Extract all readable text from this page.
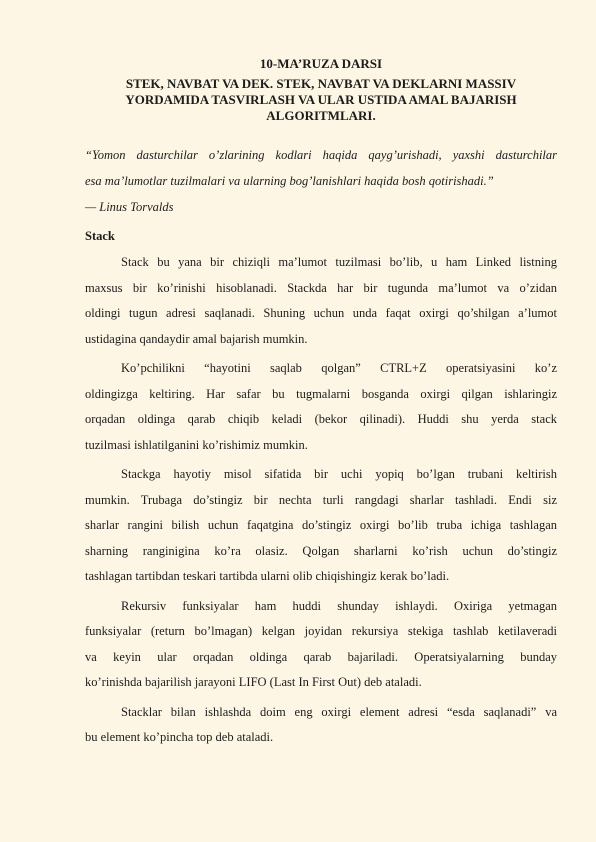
10-MA’RUZA DARSI
STEK, NAVBAT VA DEK. STEK, NAVBAT VA DEKLARNI MASSIV
YORDAMIDA TASVIRLASH VA ULAR USTIDA AMAL BAJARISH
ALGORITMLARI.
“Yomon dasturchilar o’zlarining kodlari haqida qayg’urishadi, yaxshi dasturchilar
esa ma’lumotlar tuzilmalari va ularning bog’lanishlari haqida bosh qotirishadi.”
— Linus Torvalds
Stack
Stack bu yana bir chiziqli ma’lumot tuzilmasi bo’lib, u ham Linked listning
maxsus bir ko’rinishi hisoblanadi. Stackda har bir tugunda ma’lumot va o’zidan
oldingi tugun adresi saqlanadi. Shuning uchun unda faqat oxirgi qo’shilgan a’lumot
ustidagina qandaydir amal bajarish mumkin.
Ko’pchilikni “hayotini saqlab qolgan” CTRL+Z operatsiyasini ko’z
oldingizga keltiring. Har safar bu tugmalarni bosganda oxirgi qilgan ishlaringiz
orqadan oldinga qarab chiqib keladi (bekor qilinadi). Huddi shu yerda stack
tuzilmasi ishlatilganini ko’rishimiz mumkin.
Stackga hayotiy misol sifatida bir uchi yopiq bo’lgan trubani keltirish
mumkin. Trubaga do’stingiz bir nechta turli rangdagi sharlar tashladi. Endi siz
sharlar rangini bilish uchun faqatgina do’stingiz oxirgi bo’lib truba ichiga tashlagan
sharning ranginigina ko’ra olasiz. Qolgan sharlarni ko’rish uchun do’stingiz
tashlagan tartibdan teskari tartibda ularni olib chiqishingiz kerak bo’ladi.
Rekursiv funksiyalar ham huddi shunday ishlaydi. Oxiriga yetmagan
funksiyalar (return bo’lmagan) kelgan joyidan rekursiya stekiga tashlab ketilaveradi
va keyin ular orqadan oldinga qarab bajariladi. Operatsiyalarning bunday
ko’rinishda bajarilish jarayoni LIFO (Last In First Out) deb ataladi.
Stacklar bilan ishlashda doim eng oxirgi element adresi “esda saqlanadi” va
bu element ko’pincha top deb ataladi.
